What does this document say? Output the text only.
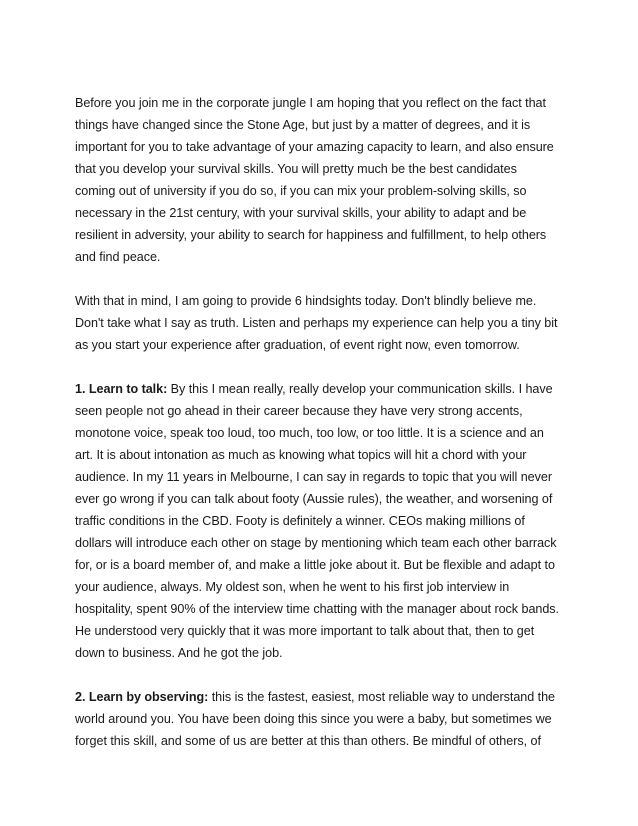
Before you join me in the corporate jungle I am hoping that you reflect on the fact that
things have changed since the Stone Age, but just by a matter of degrees, and it is
important for you to take advantage of your amazing capacity to learn, and also ensure
that you develop your survival skills. You will pretty much be the best candidates
coming out of university if you do so, if you can mix your problem-solving skills, so
necessary in the 21st century, with your survival skills, your ability to adapt and be
resilient in adversity, your ability to search for happiness and fulfillment, to help others
and find peace.

With that in mind, I am going to provide 6 hindsights today. Don't blindly believe me.
Don't take what I say as truth. Listen and perhaps my experience can help you a tiny bit
as you start your experience after graduation, of event right now, even tomorrow.

1. Learn to talk: By this I mean really, really develop your communication skills. I have
seen people not go ahead in their career because they have very strong accents,
monotone voice, speak too loud, too much, too low, or too little. It is a science and an
art. It is about intonation as much as knowing what topics will hit a chord with your
audience. In my 11 years in Melbourne, I can say in regards to topic that you will never
ever go wrong if you can talk about footy (Aussie rules), the weather, and worsening of
traffic conditions in the CBD. Footy is definitely a winner. CEOs making millions of
dollars will introduce each other on stage by mentioning which team each other barrack
for, or is a board member of, and make a little joke about it. But be flexible and adapt to
your audience, always. My oldest son, when he went to his first job interview in
hospitality, spent 90% of the interview time chatting with the manager about rock bands.
He understood very quickly that it was more important to talk about that, then to get
down to business. And he got the job.

2. Learn by observing: this is the fastest, easiest, most reliable way to understand the
world around you. You have been doing this since you were a baby, but sometimes we
forget this skill, and some of us are better at this than others. Be mindful of others, of
